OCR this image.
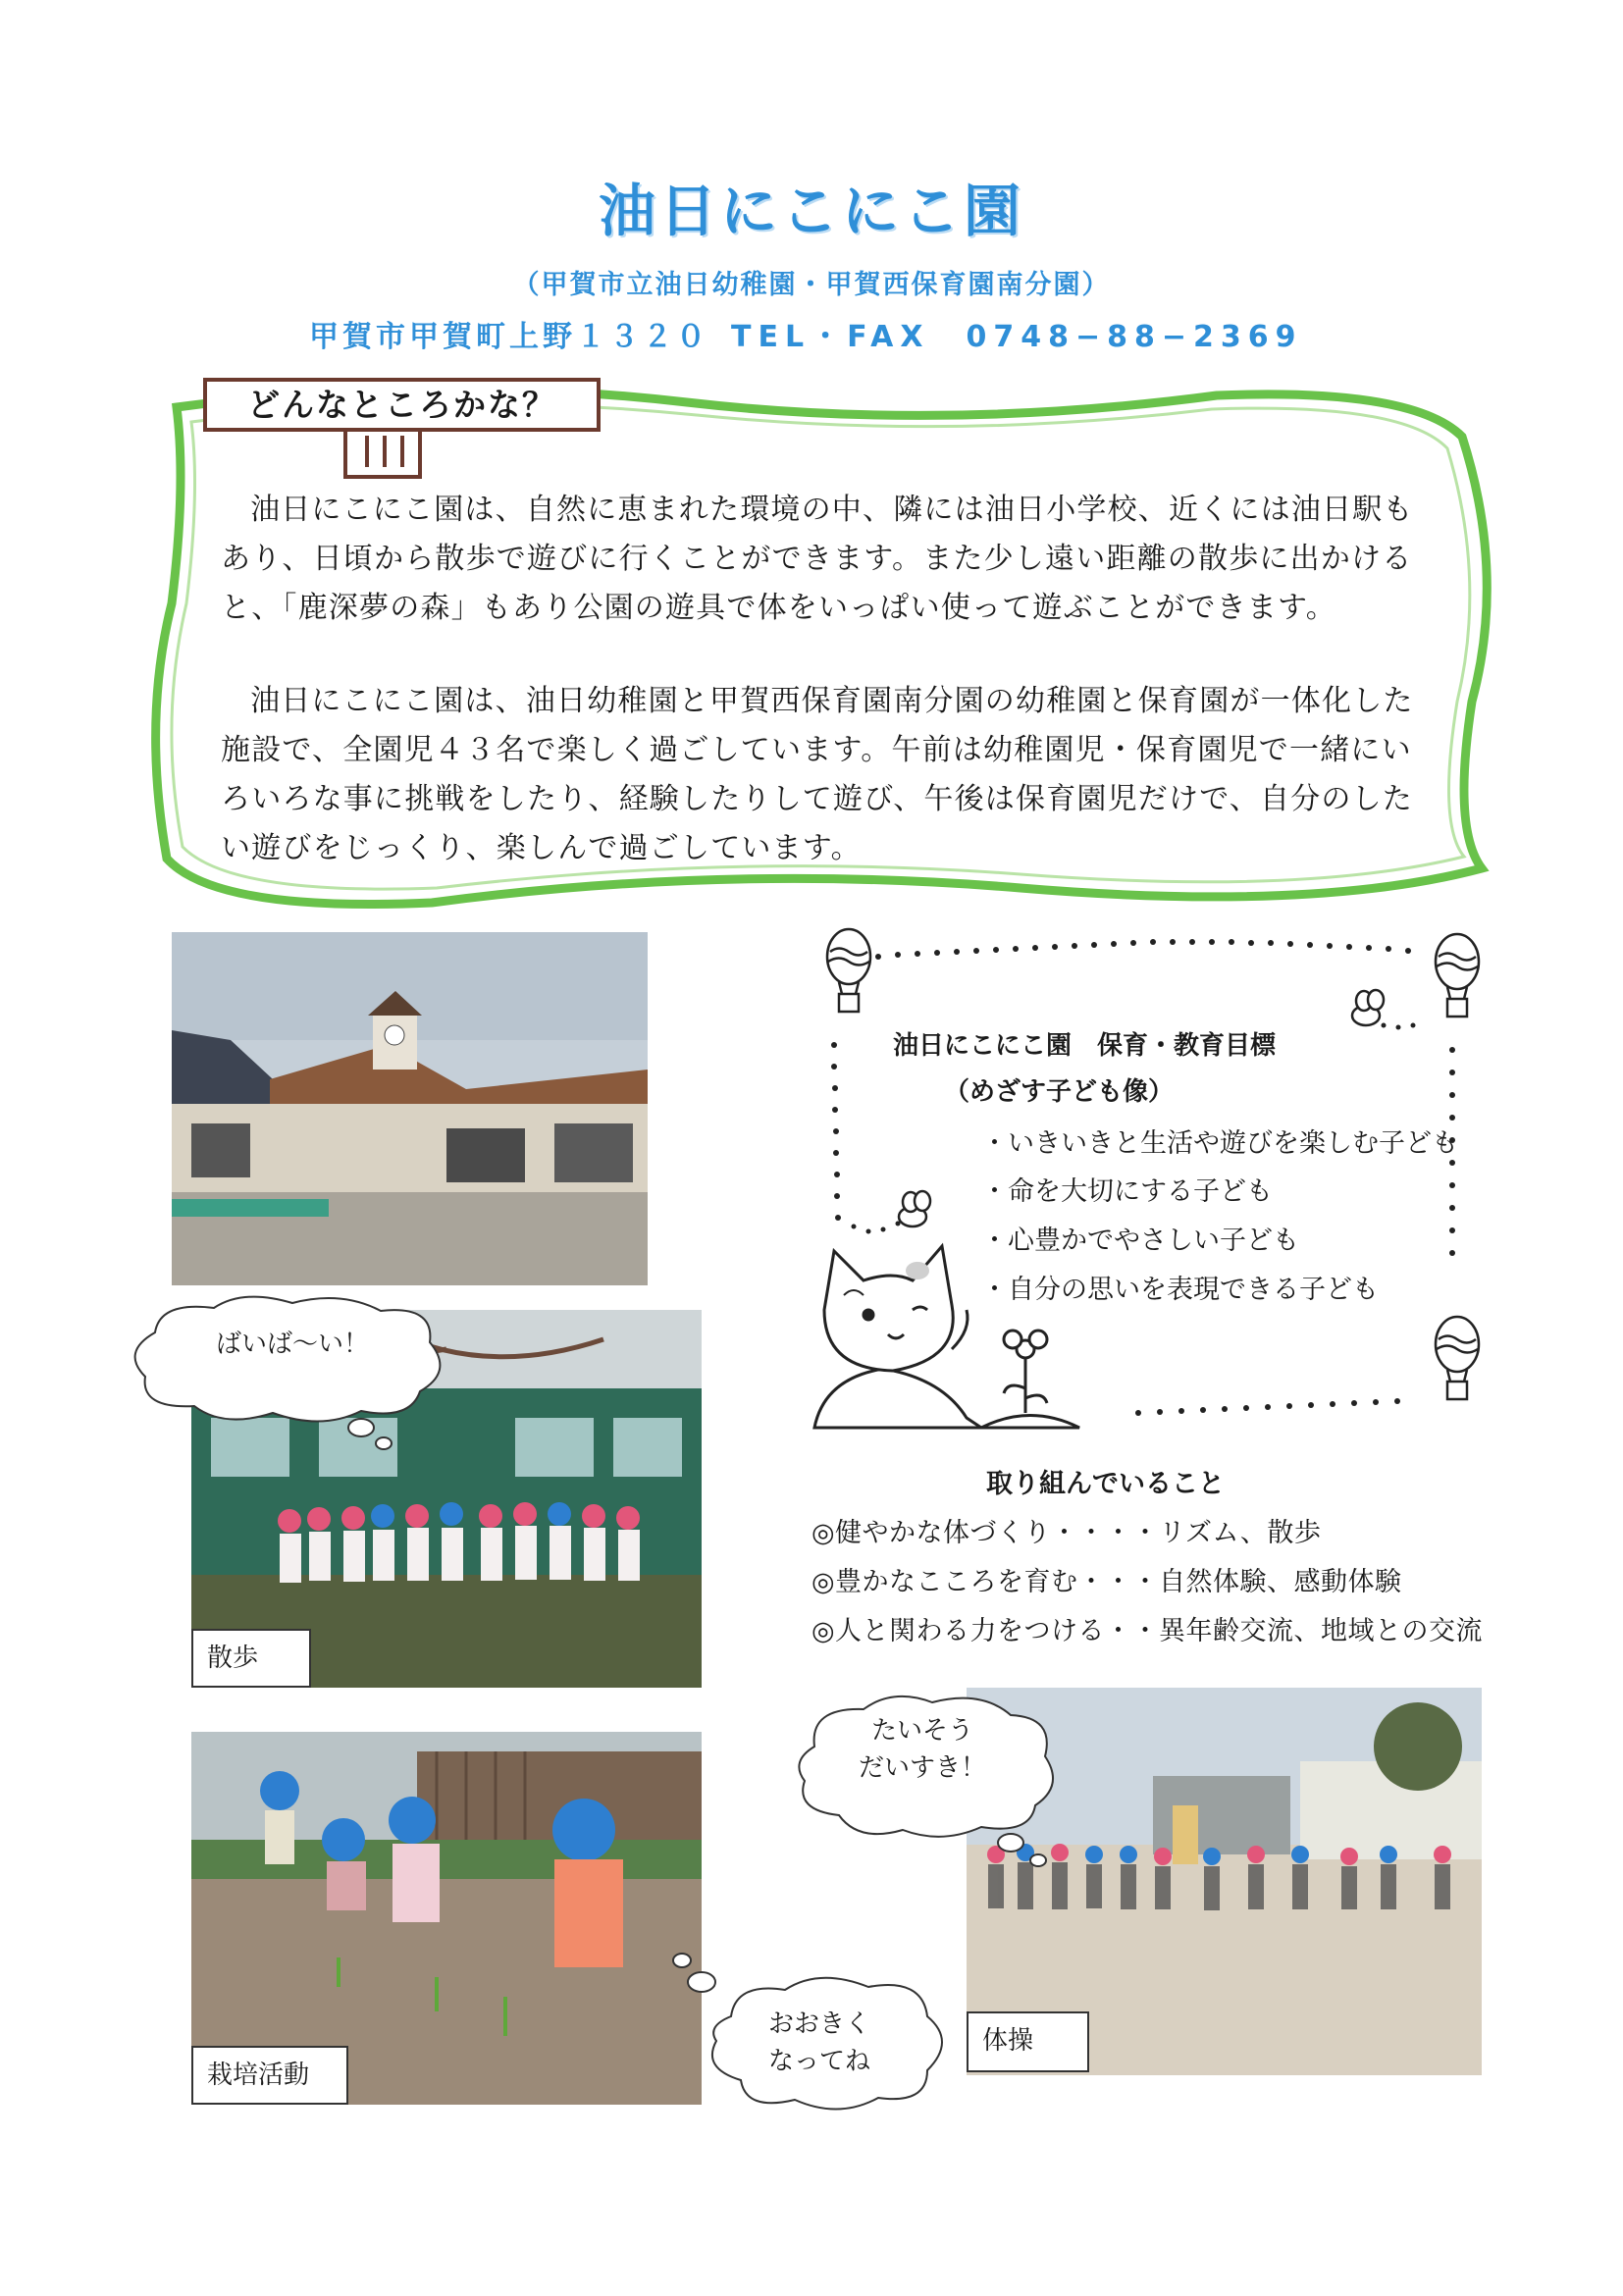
油日にこにこ園
（甲賀市立油日幼稚園・甲賀西保育園南分園）
甲賀市甲賀町上野１３２０ TEL・FAX　0748−88−2369
どんなところかな？
油日にこにこ園は、自然に恵まれた環境の中、隣には油日小学校、近くには油日駅もあり、日頃から散歩で遊びに行くことができます。また少し遠い距離の散歩に出かけると、「鹿深夢の森」もあり公園の遊具で体をいっぱい使って遊ぶことができます。
油日にこにこ園は、油日幼稚園と甲賀西保育園南分園の幼稚園と保育園が一体化した施設で、全園児４３名で楽しく過ごしています。午前は幼稚園児・保育園児で一緒にいろいろな事に挑戦をしたり、経験したりして遊び、午後は保育園児だけで、自分のしたい遊びをじっくり、楽しんで過ごしています。
散歩
ばいば〜い！
栽培活動
おおきく
なってね
体操
たいそう
だいすき！
油日にこにこ園　保育・教育目標
（めざす子ども像）
・いきいきと生活や遊びを楽しむ子ども
・命を大切にする子ども
・心豊かでやさしい子ども
・自分の思いを表現できる子ども
取り組んでいること
◎健やかな体づくり・・・・リズム、散歩
◎豊かなこころを育む・・・自然体験、感動体験
◎人と関わる力をつける・・異年齢交流、地域との交流
